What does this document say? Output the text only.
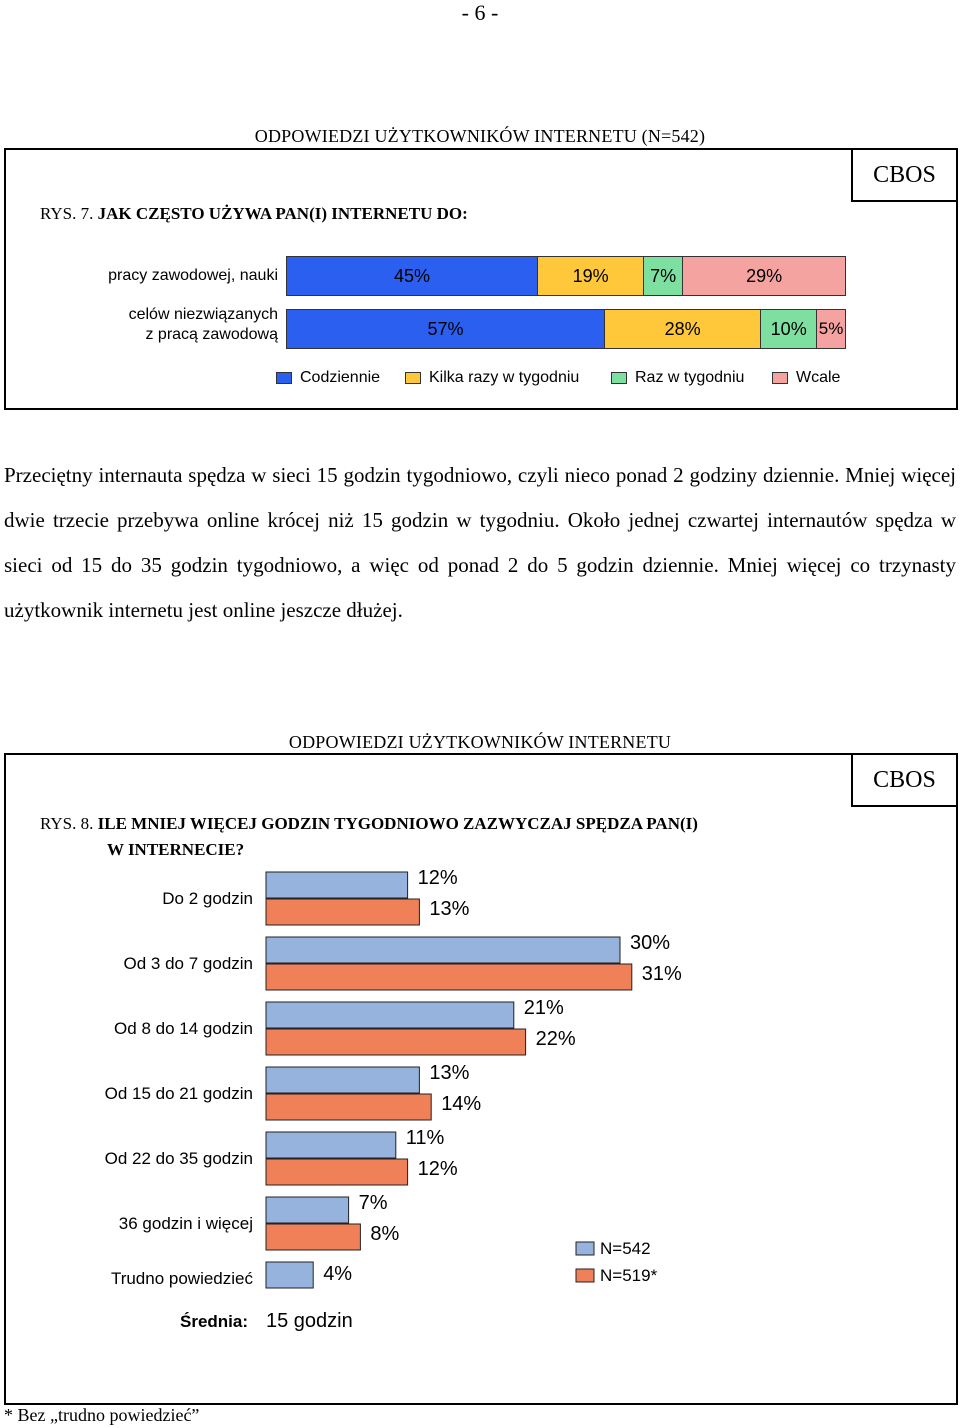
- 6 -
ODPOWIEDZI UŻYTKOWNIKÓW INTERNETU (N=542)
CBOS
RYS. 7. JAK CZĘSTO UŻYWA PAN(I) INTERNETU DO:
pracy zawodowej, nauki
celów niezwiązanych
z pracą zawodową
45%	19% 7%	29%
57%	28%	10% 5%
Codziennie	Kilka razy w tygodniu	Raz w tygodniu	Wcale
Przeciętny internauta spędza w sieci 15 godzin tygodniowo, czyli nieco ponad 2 godziny dziennie. Mniej więcej dwie trzecie przebywa online krócej niż 15 godzin w tygodniu. Około jednej czwartej internautów spędza w sieci od 15 do 35 godzin tygodniowo, a więc od ponad 2 do 5 godzin dziennie. Mniej więcej co trzynasty użytkownik internetu jest online jeszcze dłużej.
ODPOWIEDZI UŻYTKOWNIKÓW INTERNETU
CBOS
RYS. 8. ILE MNIEJ WIĘCEJ GODZIN TYGODNIOWO ZAZWYCZAJ SPĘDZA PAN(I)
W INTERNECIE?
Do 2 godzin
12%
13%
Od 3 do 7 godzin
30%
31%
Od 8 do 14 godzin
21%
22%
Od 15 do 21 godzin
13%
14%
Od 22 do 35 godzin
11%
12%
36 godzin i więcej
7%
8%
Trudno powiedzieć	4%
N=542
N=519*
Średnia: 15 godzin
* Bez „trudno powiedzieć”
